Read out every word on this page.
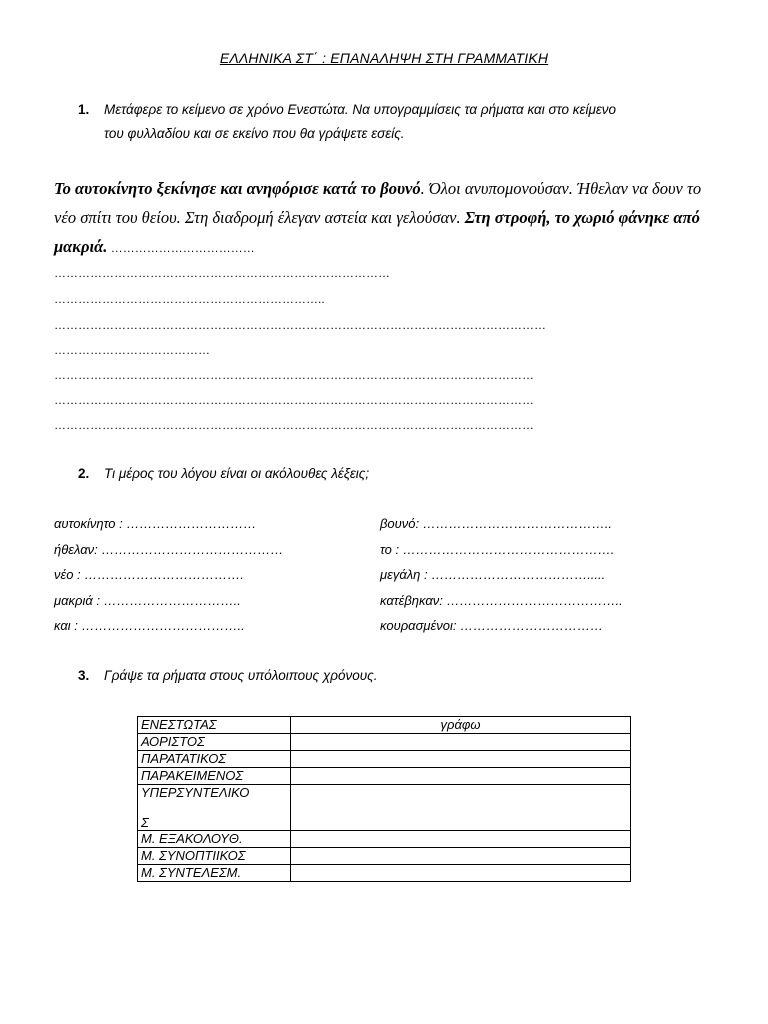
ΕΛΛΗΝΙΚΑ ΣΤ΄ : ΕΠΑΝΑΛΗΨΗ ΣΤΗ ΓΡΑΜΜΑΤΙΚΗ
1. Μετάφερε το κείμενο σε χρόνο Ενεστώτα. Να υπογραμμίσεις τα ρήματα και στο κείμενο
του φυλλαδίου και σε εκείνο που θα γράψετε εσείς.
Το αυτοκίνητο ξεκίνησε και ανηφόρισε κατά το βουνό. Όλοι ανυπομονούσαν. Ήθελαν να δουν το νέο σπίτι του θείου. Στη διαδρομή έλεγαν αστεία και γελούσαν. Στη στροφή, το χωριό φάνηκε από μακριά. ………………………………
…………………………………………………………………………
…………………………………………………………..
……………………………………………………………………………………………………………
…………………………………
…………………………………………………………………………………………………………
…………………………………………………………………………………………………………
…………………………………………………………………………………………………………
2. Τι μέρος του λόγου είναι οι ακόλουθες λέξεις;
αυτοκίνητο : …………………………
ήθελαν: ……………………………………
νέο : ……………………………….
μακριά : …………………………..
και : ………………………………..
βουνό: ……………………………………..
το : ………………………………………….
μεγάλη : ……………………………….....
κατέβηκαν: …………………………………..
κουρασμένοι: ……………………………
3. Γράψε τα ρήματα στους υπόλοιπους χρόνους.
ΕΝΕΣΤΩΤΑΣ	γράφω
ΑΟΡΙΣΤΟΣ	
ΠΑΡΑΤΑΤΙΚΟΣ	
ΠΑΡΑΚΕΙΜΕΝΟΣ	
ΥΠΕΡΣΥΝΤΕΛΙΚΟ

Σ	
Μ. ΕΞΑΚΟΛΟΥΘ.	
Μ. ΣΥΝΟΠΤΙΙΚΟΣ	
Μ. ΣΥΝΤΕΛΕΣΜ.	
